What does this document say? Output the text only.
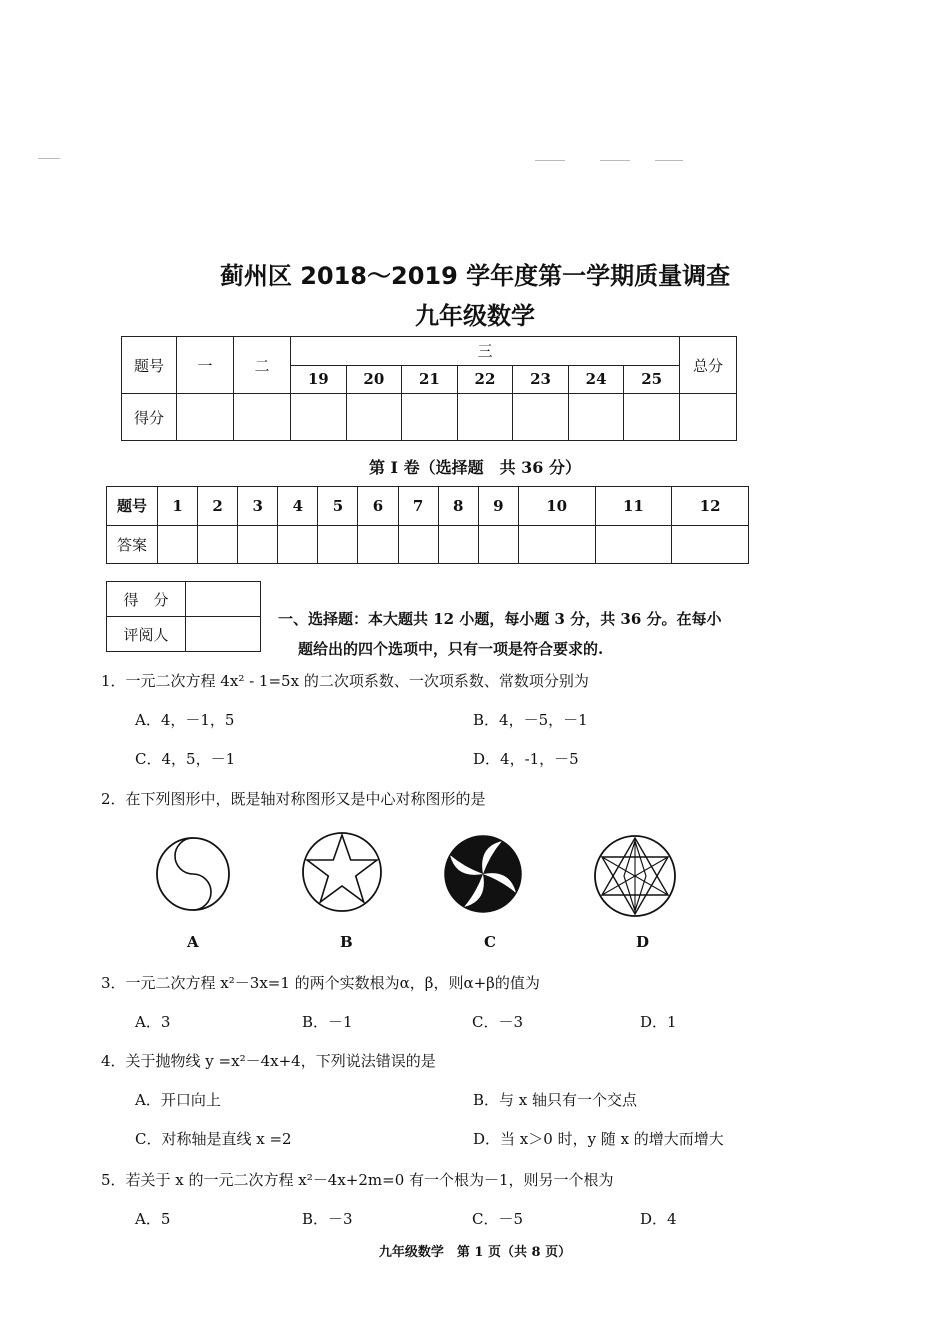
蓟州区 2018～2019 学年度第一学期质量调查
九年级数学
题号	一	二	三							总分
			19	20	21	22	23	24	25	
得分										
第 I 卷（选择题　共 36 分）
题号	1	2	3	4	5	6	7	8	9	10	11	12
答案												
得　分	
评阅人	
一、选择题：本大题共 12 小题，每小题 3 分，共 36 分。在每小
题给出的四个选项中，只有一项是符合要求的.
1．一元二次方程 4x² - 1=5x 的二次项系数、一次项系数、常数项分别为
A．4，－1，5	B．4，－5，－1
C．4，5，－1	D．4，-1，－5
2．在下列图形中，既是轴对称图形又是中心对称图形的是
A	B	C	D
3．一元二次方程 x²－3x=1 的两个实数根为α，β，则α+β的值为
A．3	B．－1	C．－3	D．1
4．关于抛物线 y =x²－4x+4，下列说法错误的是
A．开口向上	B．与 x 轴只有一个交点
C．对称轴是直线 x =2	D．当 x＞0 时，y 随 x 的增大而增大
5．若关于 x 的一元二次方程 x²－4x+2m=0 有一个根为－1，则另一个根为
A．5	B．－3	C．－5	D．4
九年级数学　第 1 页（共 8 页）
